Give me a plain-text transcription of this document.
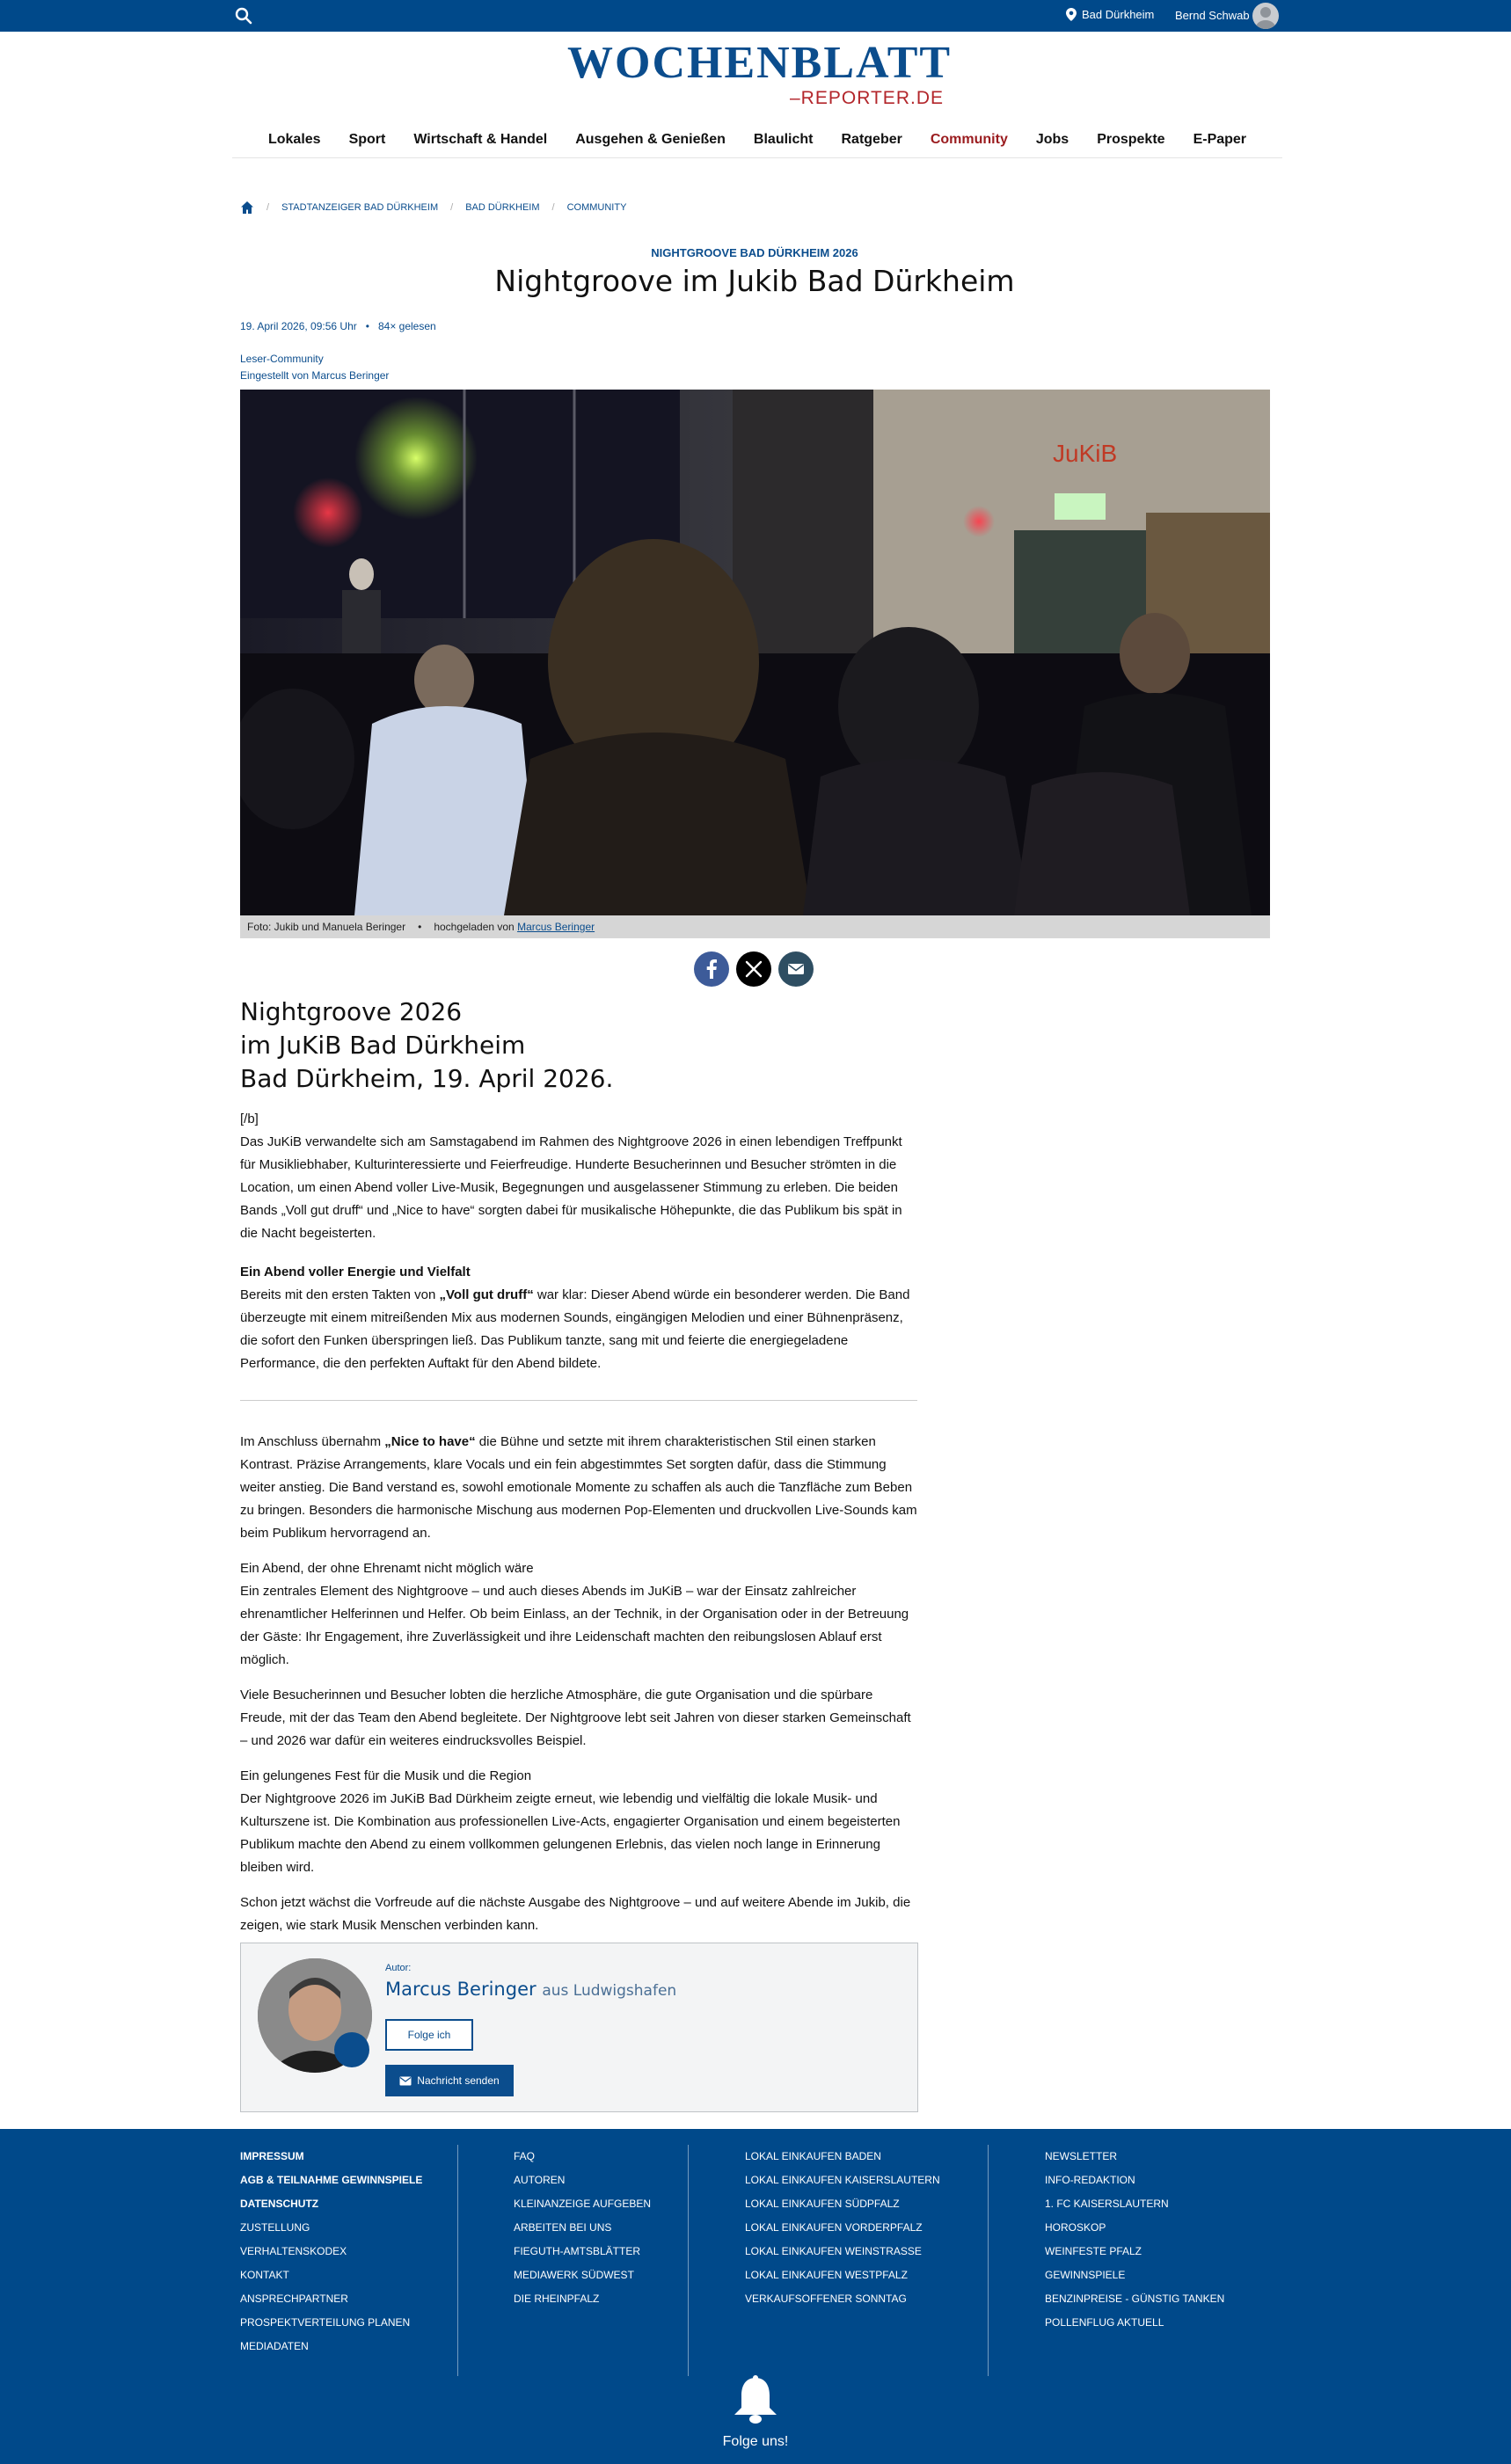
Bad Dürkheim Bernd Schwab
WOCHENBLATT
–REPORTER.DE
Lokales	Sport	Wirtschaft & Handel	Ausgehen & Genießen	Blaulicht	Ratgeber	Community	Jobs	Prospekte	E-Paper
/ STADTANZEIGER BAD DÜRKHEIM / BAD DÜRKHEIM / COMMUNITY
NIGHTGROOVE BAD DÜRKHEIM 2026
Nightgroove im Jukib Bad Dürkheim
19. April 2026, 09:56 Uhr • 84× gelesen
Leser-Community
Eingestellt von Marcus Beringer
JuKiB
Foto: Jukib und Manuela Beringer • hochgeladen von Marcus Beringer
Nightgroove 2026
im JuKiB Bad Dürkheim
Bad Dürkheim, 19. April 2026.

[/b]

Das JuKiB verwandelte sich am Samstagabend im Rahmen des Nightgroove 2026 in einen lebendigen Treffpunkt für Musikliebhaber, Kulturinteressierte und Feierfreudige. Hunderte Besucherinnen und Besucher strömten in die Location, um einen Abend voller Live-Musik, Begegnungen und ausgelassener Stimmung zu erleben. Die beiden Bands „Voll gut druff“ und „Nice to have“ sorgten dabei für musikalische Höhepunkte, die das Publikum bis spät in die Nacht begeisterten.

Ein Abend voller Energie und Vielfalt

Bereits mit den ersten Takten von „Voll gut druff“ war klar: Dieser Abend würde ein besonderer werden. Die Band überzeugte mit einem mitreißenden Mix aus modernen Sounds, eingängigen Melodien und einer Bühnenpräsenz, die sofort den Funken überspringen ließ. Das Publikum tanzte, sang mit und feierte die energiegeladene Performance, die den perfekten Auftakt für den Abend bildete.

Im Anschluss übernahm „Nice to have“ die Bühne und setzte mit ihrem charakteristischen Stil einen starken Kontrast. Präzise Arrangements, klare Vocals und ein fein abgestimmtes Set sorgten dafür, dass die Stimmung weiter anstieg. Die Band verstand es, sowohl emotionale Momente zu schaffen als auch die Tanzfläche zum Beben zu bringen. Besonders die harmonische Mischung aus modernen Pop-Elementen und druckvollen Live-Sounds kam beim Publikum hervorragend an.

Ein Abend, der ohne Ehrenamt nicht möglich wäre

Ein zentrales Element des Nightgroove – und auch dieses Abends im JuKiB – war der Einsatz zahlreicher ehrenamtlicher Helferinnen und Helfer. Ob beim Einlass, an der Technik, in der Organisation oder in der Betreuung der Gäste: Ihr Engagement, ihre Zuverlässigkeit und ihre Leidenschaft machten den reibungslosen Ablauf erst möglich.

Viele Besucherinnen und Besucher lobten die herzliche Atmosphäre, die gute Organisation und die spürbare Freude, mit der das Team den Abend begleitete. Der Nightgroove lebt seit Jahren von dieser starken Gemeinschaft – und 2026 war dafür ein weiteres eindrucksvolles Beispiel.

Ein gelungenes Fest für die Musik und die Region

Der Nightgroove 2026 im JuKiB Bad Dürkheim zeigte erneut, wie lebendig und vielfältig die lokale Musik- und Kulturszene ist. Die Kombination aus professionellen Live-Acts, engagierter Organisation und einem begeisterten Publikum machte den Abend zu einem vollkommen gelungenen Erlebnis, das vielen noch lange in Erinnerung bleiben wird.

Schon jetzt wächst die Vorfreude auf die nächste Ausgabe des Nightgroove – und auf weitere Abende im Jukib, die zeigen, wie stark Musik Menschen verbinden kann.

Autor:
Marcus Beringer aus Ludwigshafen
Folge ich
Nachricht senden
IMPRESSUM
AGB & TEILNAHME GEWINNSPIELE
DATENSCHUTZ
ZUSTELLUNG
VERHALTENSKODEX
KONTAKT
ANSPRECHPARTNER
PROSPEKTVERTEILUNG PLANEN
MEDIADATEN
FAQ
AUTOREN
KLEINANZEIGE AUFGEBEN
ARBEITEN BEI UNS
FIEGUTH-AMTSBLÄTTER
MEDIAWERK SÜDWEST
DIE RHEINPFALZ
LOKAL EINKAUFEN BADEN
LOKAL EINKAUFEN KAISERSLAUTERN
LOKAL EINKAUFEN SÜDPFALZ
LOKAL EINKAUFEN VORDERPFALZ
LOKAL EINKAUFEN WEINSTRASSE
LOKAL EINKAUFEN WESTPFALZ
VERKAUFSOFFENER SONNTAG
NEWSLETTER
INFO-REDAKTION
1. FC KAISERSLAUTERN
HOROSKOP
WEINFESTE PFALZ
GEWINNSPIELE
BENZINPREISE - GÜNSTIG TANKEN
POLLENFLUG AKTUELL
Folge uns!
